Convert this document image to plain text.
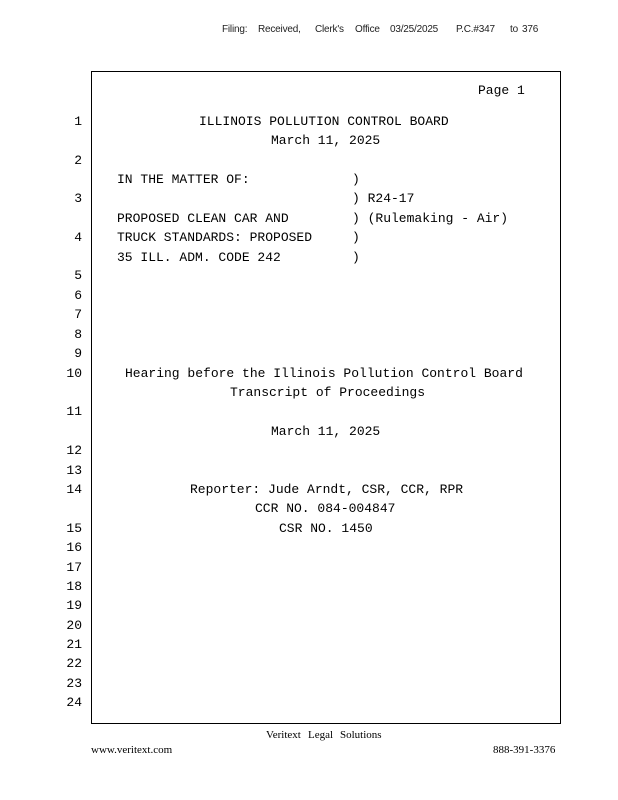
Filing: Received, Clerk's Office 03/25/2025 P.C.#347 to 376
Page 1
1
2
3
4
5
6
7
8
9
10
11
12
13
14
15
16
17
18
19
20
21
22
23
24
ILLINOIS POLLUTION CONTROL BOARD
March 11, 2025
IN THE MATTER OF:	)
) R24-17
PROPOSED CLEAN CAR AND	) (Rulemaking - Air)
TRUCK STANDARDS: PROPOSED	)
35 ILL. ADM. CODE 242	)
Hearing before the Illinois Pollution Control Board
Transcript of Proceedings
March 11, 2025
Reporter: Jude Arndt, CSR, CCR, RPR
CCR NO. 084-004847
CSR NO. 1450
Veritext Legal Solutions
www.veritext.com	888-391-3376
